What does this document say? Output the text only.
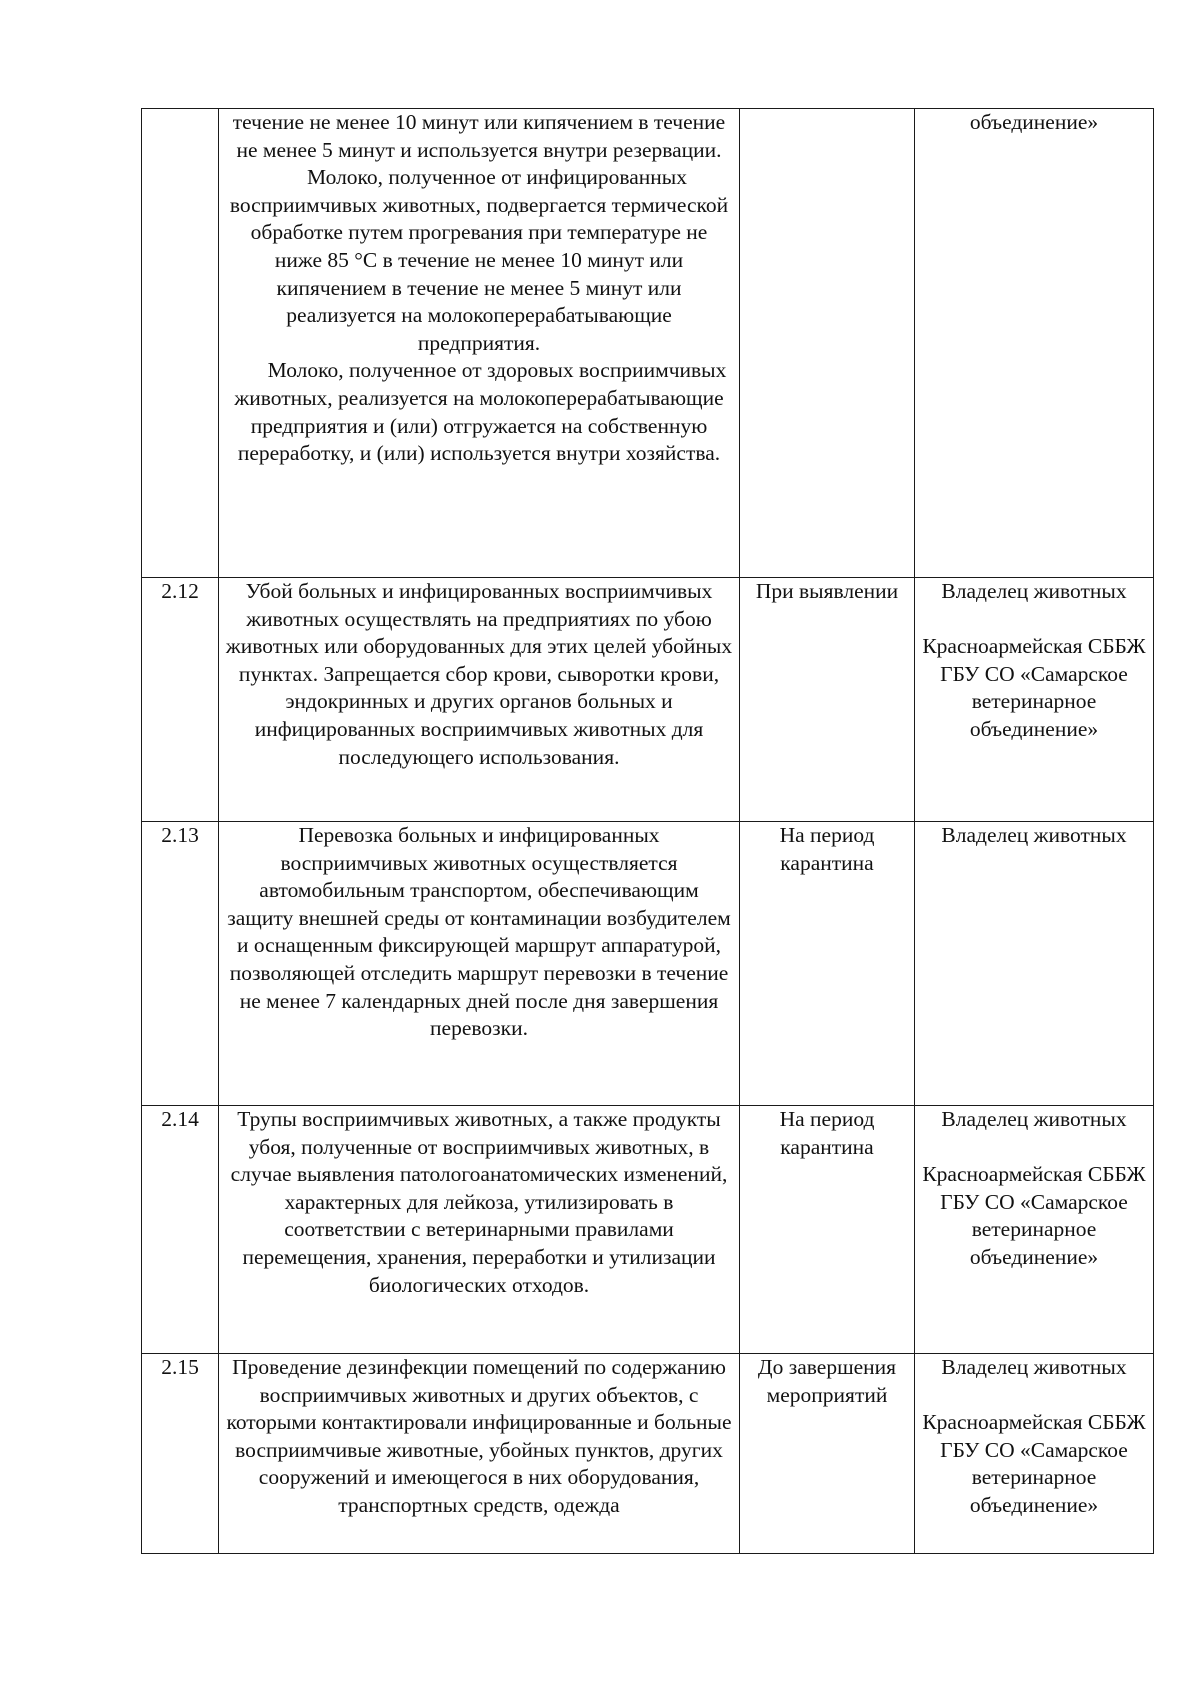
	течение не менее 10 минут или кипячением в течение не менее 5 минут и используется внутри резервации.
Молоко, полученное от инфицированных восприимчивых животных, подвергается термической обработке путем прогревания при температуре не ниже 85 °С в течение не менее 10 минут или кипячением в течение не менее 5 минут или реализуется на молокоперерабатывающие предприятия.
Молоко, полученное от здоровых восприимчивых животных, реализуется на молокоперерабатывающие предприятия и (или) отгружается на собственную переработку, и (или) используется внутри хозяйства.		объединение»

2.12	Убой больных и инфицированных восприимчивых животных осуществлять на предприятиях по убою животных или оборудованных для этих целей убойных пунктах. Запрещается сбор крови, сыворотки крови, эндокринных и других органов больных и инфицированных восприимчивых животных для последующего использования.	При выявлении	Владелец животных
Красноармейская СББЖ ГБУ СО «Самарское ветеринарное объединение»

2.13	Перевозка больных и инфицированных восприимчивых животных осуществляется автомобильным транспортом, обеспечивающим защиту внешней среды от контаминации возбудителем и оснащенным фиксирующей маршрут аппаратурой, позволяющей отследить маршрут перевозки в течение не менее 7 календарных дней после дня завершения перевозки.	На период карантина	Владелец животных

2.14	Трупы восприимчивых животных, а также продукты убоя, полученные от восприимчивых животных, в случае выявления патологоанатомических изменений, характерных для лейкоза, утилизировать в соответствии с ветеринарными правилами перемещения, хранения, переработки и утилизации биологических отходов.	На период карантина	Владелец животных
Красноармейская СББЖ ГБУ СО «Самарское ветеринарное объединение»

2.15	Проведение дезинфекции помещений по содержанию восприимчивых животных и других объектов, с которыми контактировали инфицированные и больные восприимчивые животные, убойных пунктов, других сооружений и имеющегося в них оборудования, транспортных средств, одежда	До завершения мероприятий	Владелец животных
Красноармейская СББЖ ГБУ СО «Самарское ветеринарное объединение»
